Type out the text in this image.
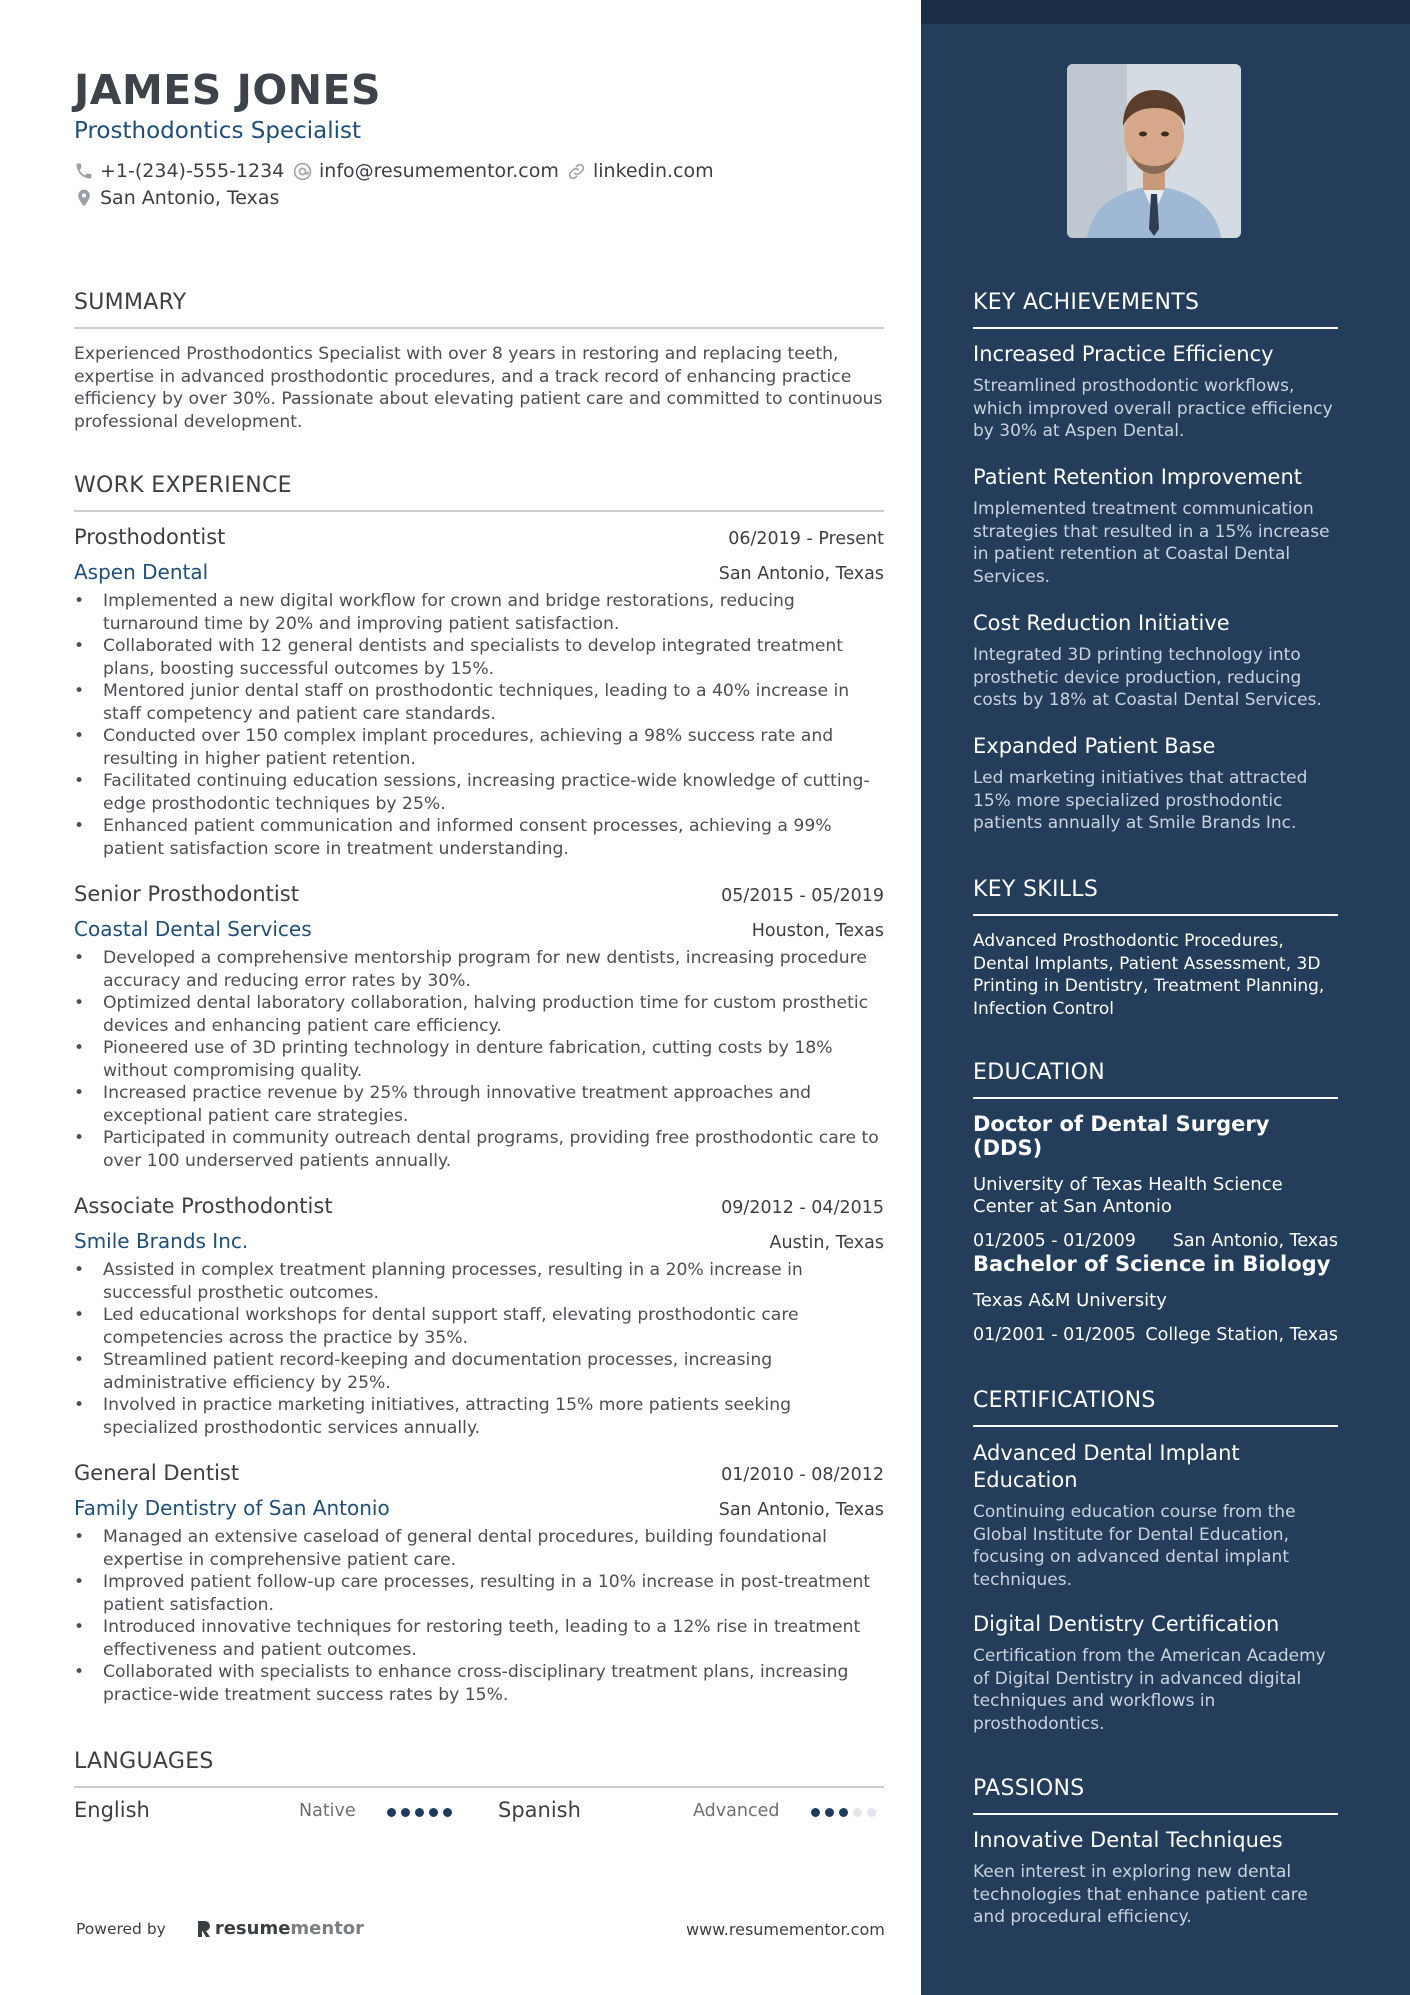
JAMES JONES
Prosthodontics Specialist
+1-(234)-555-1234 info@resumementor.com linkedin.com
San Antonio, Texas
SUMMARY
Experienced Prosthodontics Specialist with over 8 years in restoring and replacing teeth, expertise in advanced prosthodontic procedures, and a track record of enhancing practice efficiency by over 30%. Passionate about elevating patient care and committed to continuous professional development.
WORK EXPERIENCE
Prosthodontist	06/2019 - Present
Aspen Dental	San Antonio, Texas
• Implemented a new digital workflow for crown and bridge restorations, reducing turnaround time by 20% and improving patient satisfaction.
• Collaborated with 12 general dentists and specialists to develop integrated treatment plans, boosting successful outcomes by 15%.
• Mentored junior dental staff on prosthodontic techniques, leading to a 40% increase in staff competency and patient care standards.
• Conducted over 150 complex implant procedures, achieving a 98% success rate and resulting in higher patient retention.
• Facilitated continuing education sessions, increasing practice-wide knowledge of cutting-edge prosthodontic techniques by 25%.
• Enhanced patient communication and informed consent processes, achieving a 99% patient satisfaction score in treatment understanding.
Senior Prosthodontist	05/2015 - 05/2019
Coastal Dental Services	Houston, Texas
• Developed a comprehensive mentorship program for new dentists, increasing procedure accuracy and reducing error rates by 30%.
• Optimized dental laboratory collaboration, halving production time for custom prosthetic devices and enhancing patient care efficiency.
• Pioneered use of 3D printing technology in denture fabrication, cutting costs by 18% without compromising quality.
• Increased practice revenue by 25% through innovative treatment approaches and exceptional patient care strategies.
• Participated in community outreach dental programs, providing free prosthodontic care to over 100 underserved patients annually.
Associate Prosthodontist	09/2012 - 04/2015
Smile Brands Inc.	Austin, Texas
• Assisted in complex treatment planning processes, resulting in a 20% increase in successful prosthetic outcomes.
• Led educational workshops for dental support staff, elevating prosthodontic care competencies across the practice by 35%.
• Streamlined patient record-keeping and documentation processes, increasing administrative efficiency by 25%.
• Involved in practice marketing initiatives, attracting 15% more patients seeking specialized prosthodontic services annually.
General Dentist	01/2010 - 08/2012
Family Dentistry of San Antonio	San Antonio, Texas
• Managed an extensive caseload of general dental procedures, building foundational expertise in comprehensive patient care.
• Improved patient follow-up care processes, resulting in a 10% increase in post-treatment patient satisfaction.
• Introduced innovative techniques for restoring teeth, leading to a 12% rise in treatment effectiveness and patient outcomes.
• Collaborated with specialists to enhance cross-disciplinary treatment plans, increasing practice-wide treatment success rates by 15%.
LANGUAGES
English	Native	Spanish	Advanced
Powered by	resume mentor	www.resumementor.com
KEY ACHIEVEMENTS
Increased Practice Efficiency
Streamlined prosthodontic workflows, which improved overall practice efficiency by 30% at Aspen Dental.
Patient Retention Improvement
Implemented treatment communication strategies that resulted in a 15% increase in patient retention at Coastal Dental Services.
Cost Reduction Initiative
Integrated 3D printing technology into prosthetic device production, reducing costs by 18% at Coastal Dental Services.
Expanded Patient Base
Led marketing initiatives that attracted 15% more specialized prosthodontic patients annually at Smile Brands Inc.
KEY SKILLS
Advanced Prosthodontic Procedures, Dental Implants, Patient Assessment, 3D Printing in Dentistry, Treatment Planning, Infection Control
EDUCATION
Doctor of Dental Surgery (DDS)
University of Texas Health Science Center at San Antonio
01/2005 - 01/2009 San Antonio, Texas
Bachelor of Science in Biology
Texas A&M University
01/2001 - 01/2005 College Station, Texas
CERTIFICATIONS
Advanced Dental Implant Education
Continuing education course from the Global Institute for Dental Education, focusing on advanced dental implant techniques.
Digital Dentistry Certification
Certification from the American Academy of Digital Dentistry in advanced digital techniques and workflows in prosthodontics.
PASSIONS
Innovative Dental Techniques
Keen interest in exploring new dental technologies that enhance patient care and procedural efficiency.
